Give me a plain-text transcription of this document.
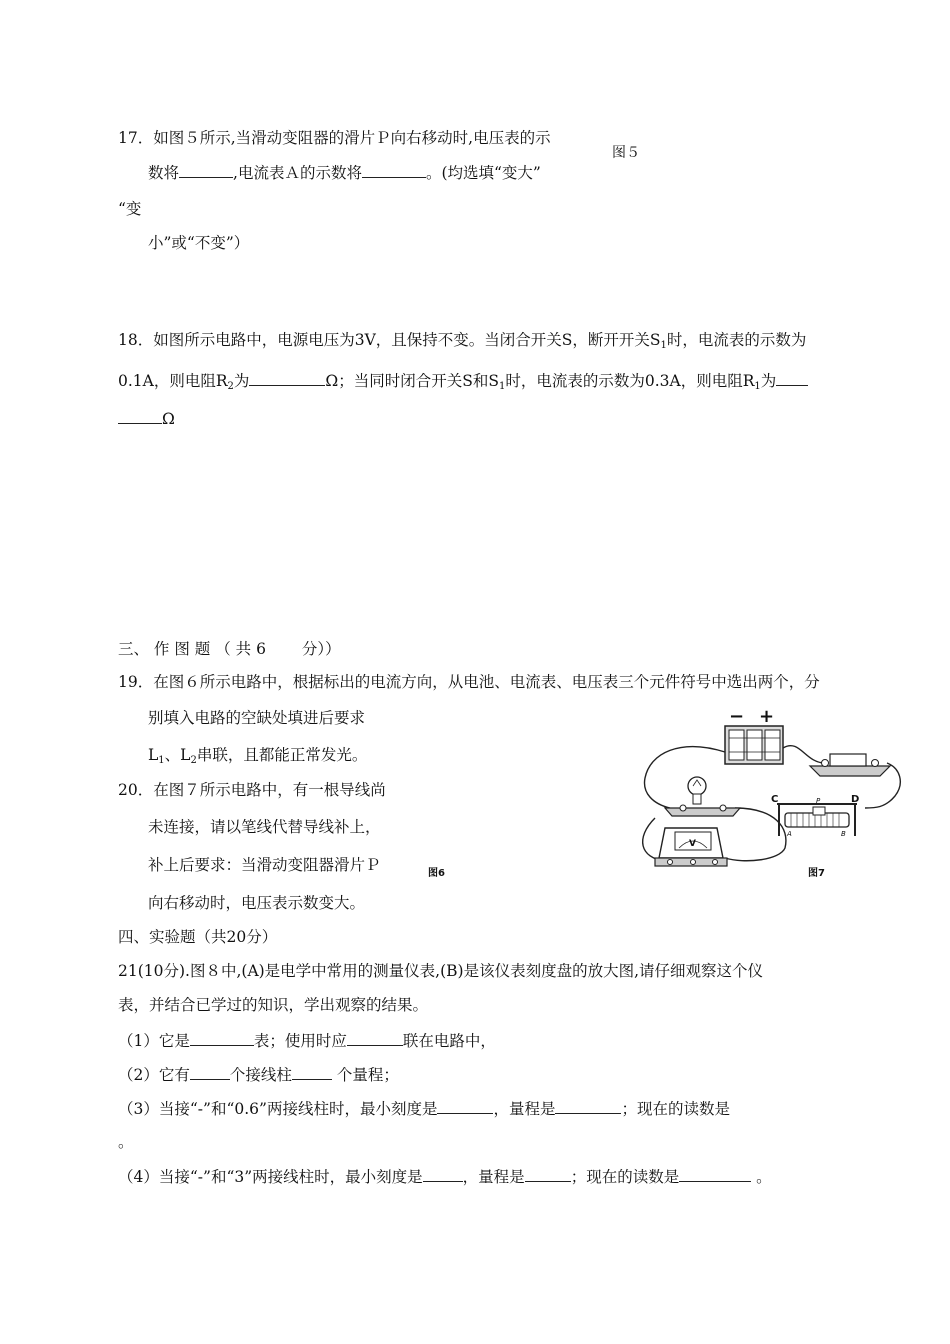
17．如图５所示,当滑动变阻器的滑片Ｐ向右移动时,电压表的示
数将	,电流表Ａ的示数将	。(均选填“变大”
图５
“变
小”或“不变”）
18．如图所示电路中，电源电压为3V，且保持不变。当闭合开关S，断开开关$S_1$时，电流表的示数为
0.1A，则电阻$R_2$为	Ω；当同时闭合开关S和$S_1$时，电流表的示数为0.3A，则电阻$R_1$为
Ω
三、 作 图 题 （ 共 6　　 分））
19．在图６所示电路中，根据标出的电流方向，从电池、电流表、电压表三个元件符号中选出两个，分
别填入电路的空缺处填进后要求
$L_1$、$L_2$串联，且都能正常发光。
20．在图７所示电路中，有一根导线尚
未连接，请以笔线代替导线补上，
补上后要求：当滑动变阻器滑片Ｐ
向右移动时，电压表示数变大。
图6	图7
− +
V
C	D
P
A	B
四、实验题（共20分）
21(10分).图８中,(A)是电学中常用的测量仪表,(B)是该仪表刻度盘的放大图,请仔细观察这个仪
表，并结合已学过的知识，学出观察的结果。
（1）它是	表；使用时应	联在电路中，
（2）它有	个接线柱	个量程；
（3）当接“-”和“0.6”两接线柱时，最小刻度是	，量程是	；现在的读数是
。
（4）当接“-”和“3”两接线柱时，最小刻度是	，量程是	；现在的读数是	。
